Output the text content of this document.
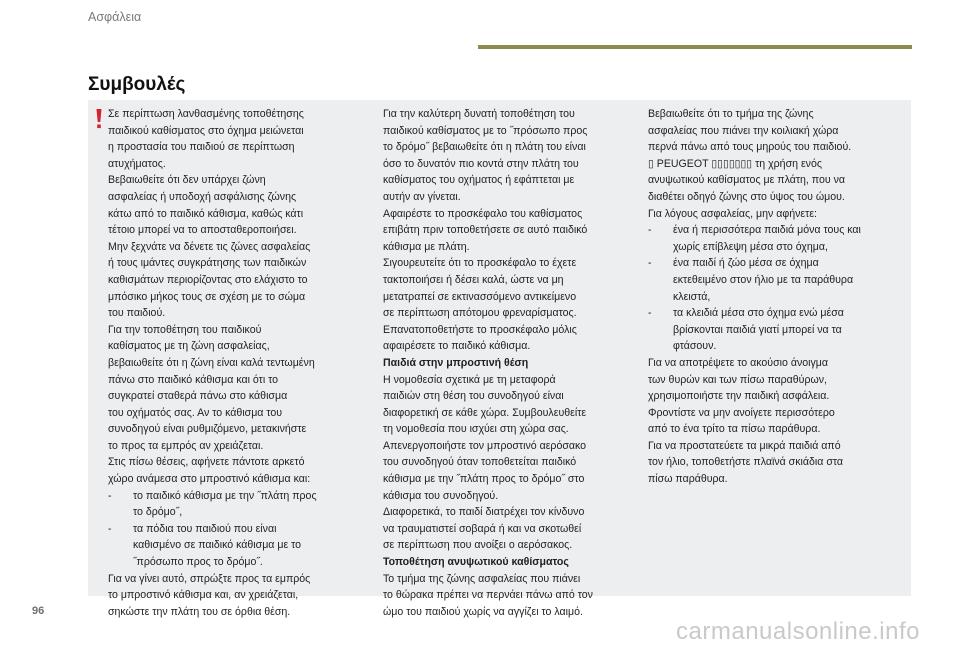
Ασφάλεια
Συμβουλές

Σε περίπτωση λανθασμένης τοποθέτησης

παιδικού καθίσματος στο όχημα μειώνεται

η προστασία του παιδιού σε περίπτωση

ατυχήματος.

Βεβαιωθείτε ότι δεν υπάρχει ζώνη

ασφαλείας ή υποδοχή ασφάλισης ζώνης

κάτω από το παιδικό κάθισμα, καθώς κάτι

τέτοιο μπορεί να το αποσταθεροποιήσει.

Μην ξεχνάτε να δένετε τις ζώνες ασφαλείας

ή τους ιμάντες συγκράτησης των παιδικών

καθισμάτων περιορίζοντας στο ελάχιστο το

μπόσικο μήκος τους σε σχέση με το σώμα

του παιδιού.

Για την τοποθέτηση του παιδικού

καθίσματος με τη ζώνη ασφαλείας,

βεβαιωθείτε ότι η ζώνη είναι καλά τεντωμένη

πάνω στο παιδικό κάθισμα και ότι το

συγκρατεί σταθερά πάνω στο κάθισμα

του οχήματός σας. Αν το κάθισμα του

συνοδηγού είναι ρυθμιζόμενο, μετακινήστε

το προς τα εμπρός αν χρειάζεται.

Στις πίσω θέσεις, αφήνετε πάντοτε αρκετό

χώρο ανάμεσα στο μπροστινό κάθισμα και:

- το παιδικό κάθισμα με την ˝πλάτη προς

το δρόμο˝,

- τα πόδια του παιδιού που είναι

καθισμένο σε παιδικό κάθισμα με το

˝πρόσωπο προς το δρόμο˝.

Για να γίνει αυτό, σπρώξτε προς τα εμπρός

το μπροστινό κάθισμα και, αν χρειάζεται,

σηκώστε την πλάτη του σε όρθια θέση.

Για την καλύτερη δυνατή τοποθέτηση του

παιδικού καθίσματος με το ˝πρόσωπο προς

το δρόμο˝ βεβαιωθείτε ότι η πλάτη του είναι

όσο το δυνατόν πιο κοντά στην πλάτη του

καθίσματος του οχήματος ή εφάπτεται με

αυτήν αν γίνεται.

Αφαιρέστε το προσκέφαλο του καθίσματος

επιβάτη πριν τοποθετήσετε σε αυτό παιδικό

κάθισμα με πλάτη.

Σιγουρευτείτε ότι το προσκέφαλο το έχετε

τακτοποιήσει ή δέσει καλά, ώστε να μη

μετατραπεί σε εκτινασσόμενο αντικείμενο

σε περίπτωση απότομου φρεναρίσματος.

Επανατοποθετήστε το προσκέφαλο μόλις

αφαιρέσετε το παιδικό κάθισμα.

Παιδιά στην μπροστινή θέση

Η νομοθεσία σχετικά με τη μεταφορά

παιδιών στη θέση του συνοδηγού είναι

διαφορετική σε κάθε χώρα. Συμβουλευθείτε

τη νομοθεσία που ισχύει στη χώρα σας.

Απενεργοποιήστε τον μπροστινό αερόσακο

του συνοδηγού όταν τοποθετείται παιδικό

κάθισμα με την ˝πλάτη προς το δρόμο˝ στο

κάθισμα του συνοδηγού.

Διαφορετικά, το παιδί διατρέχει τον κίνδυνο

να τραυματιστεί σοβαρά ή και να σκοτωθεί

σε περίπτωση που ανοίξει ο αερόσακος.

Τοποθέτηση ανυψωτικού καθίσματος

Το τμήμα της ζώνης ασφαλείας που πιάνει

το θώρακα πρέπει να περνάει πάνω από τον

ώμο του παιδιού χωρίς να αγγίζει το λαιμό.

Βεβαιωθείτε ότι το τμήμα της ζώνης

ασφαλείας που πιάνει την κοιλιακή χώρα

περνά πάνω από τους μηρούς του παιδιού.

▯ PEUGEOT ▯▯▯▯▯▯▯ τη χρήση ενός

ανυψωτικού καθίσματος με πλάτη, που να

διαθέτει οδηγό ζώνης στο ύψος του ώμου.

Για λόγους ασφαλείας, μην αφήνετε:

- ένα ή περισσότερα παιδιά μόνα τους και

χωρίς επίβλεψη μέσα στο όχημα,

- ένα παιδί ή ζώο μέσα σε όχημα

εκτεθειμένο στον ήλιο με τα παράθυρα

κλειστά,

- τα κλειδιά μέσα στο όχημα ενώ μέσα

βρίσκονται παιδιά γιατί μπορεί να τα

φτάσουν.

Για να αποτρέψετε το ακούσιο άνοιγμα

των θυρών και των πίσω παραθύρων,

χρησιμοποιήστε την παιδική ασφάλεια.

Φροντίστε να μην ανοίγετε περισσότερο

από το ένα τρίτο τα πίσω παράθυρα.

Για να προστατεύετε τα μικρά παιδιά από

τον ήλιο, τοποθετήστε πλαϊνά σκιάδια στα

πίσω παράθυρα.

96
carmanualsonline.info
